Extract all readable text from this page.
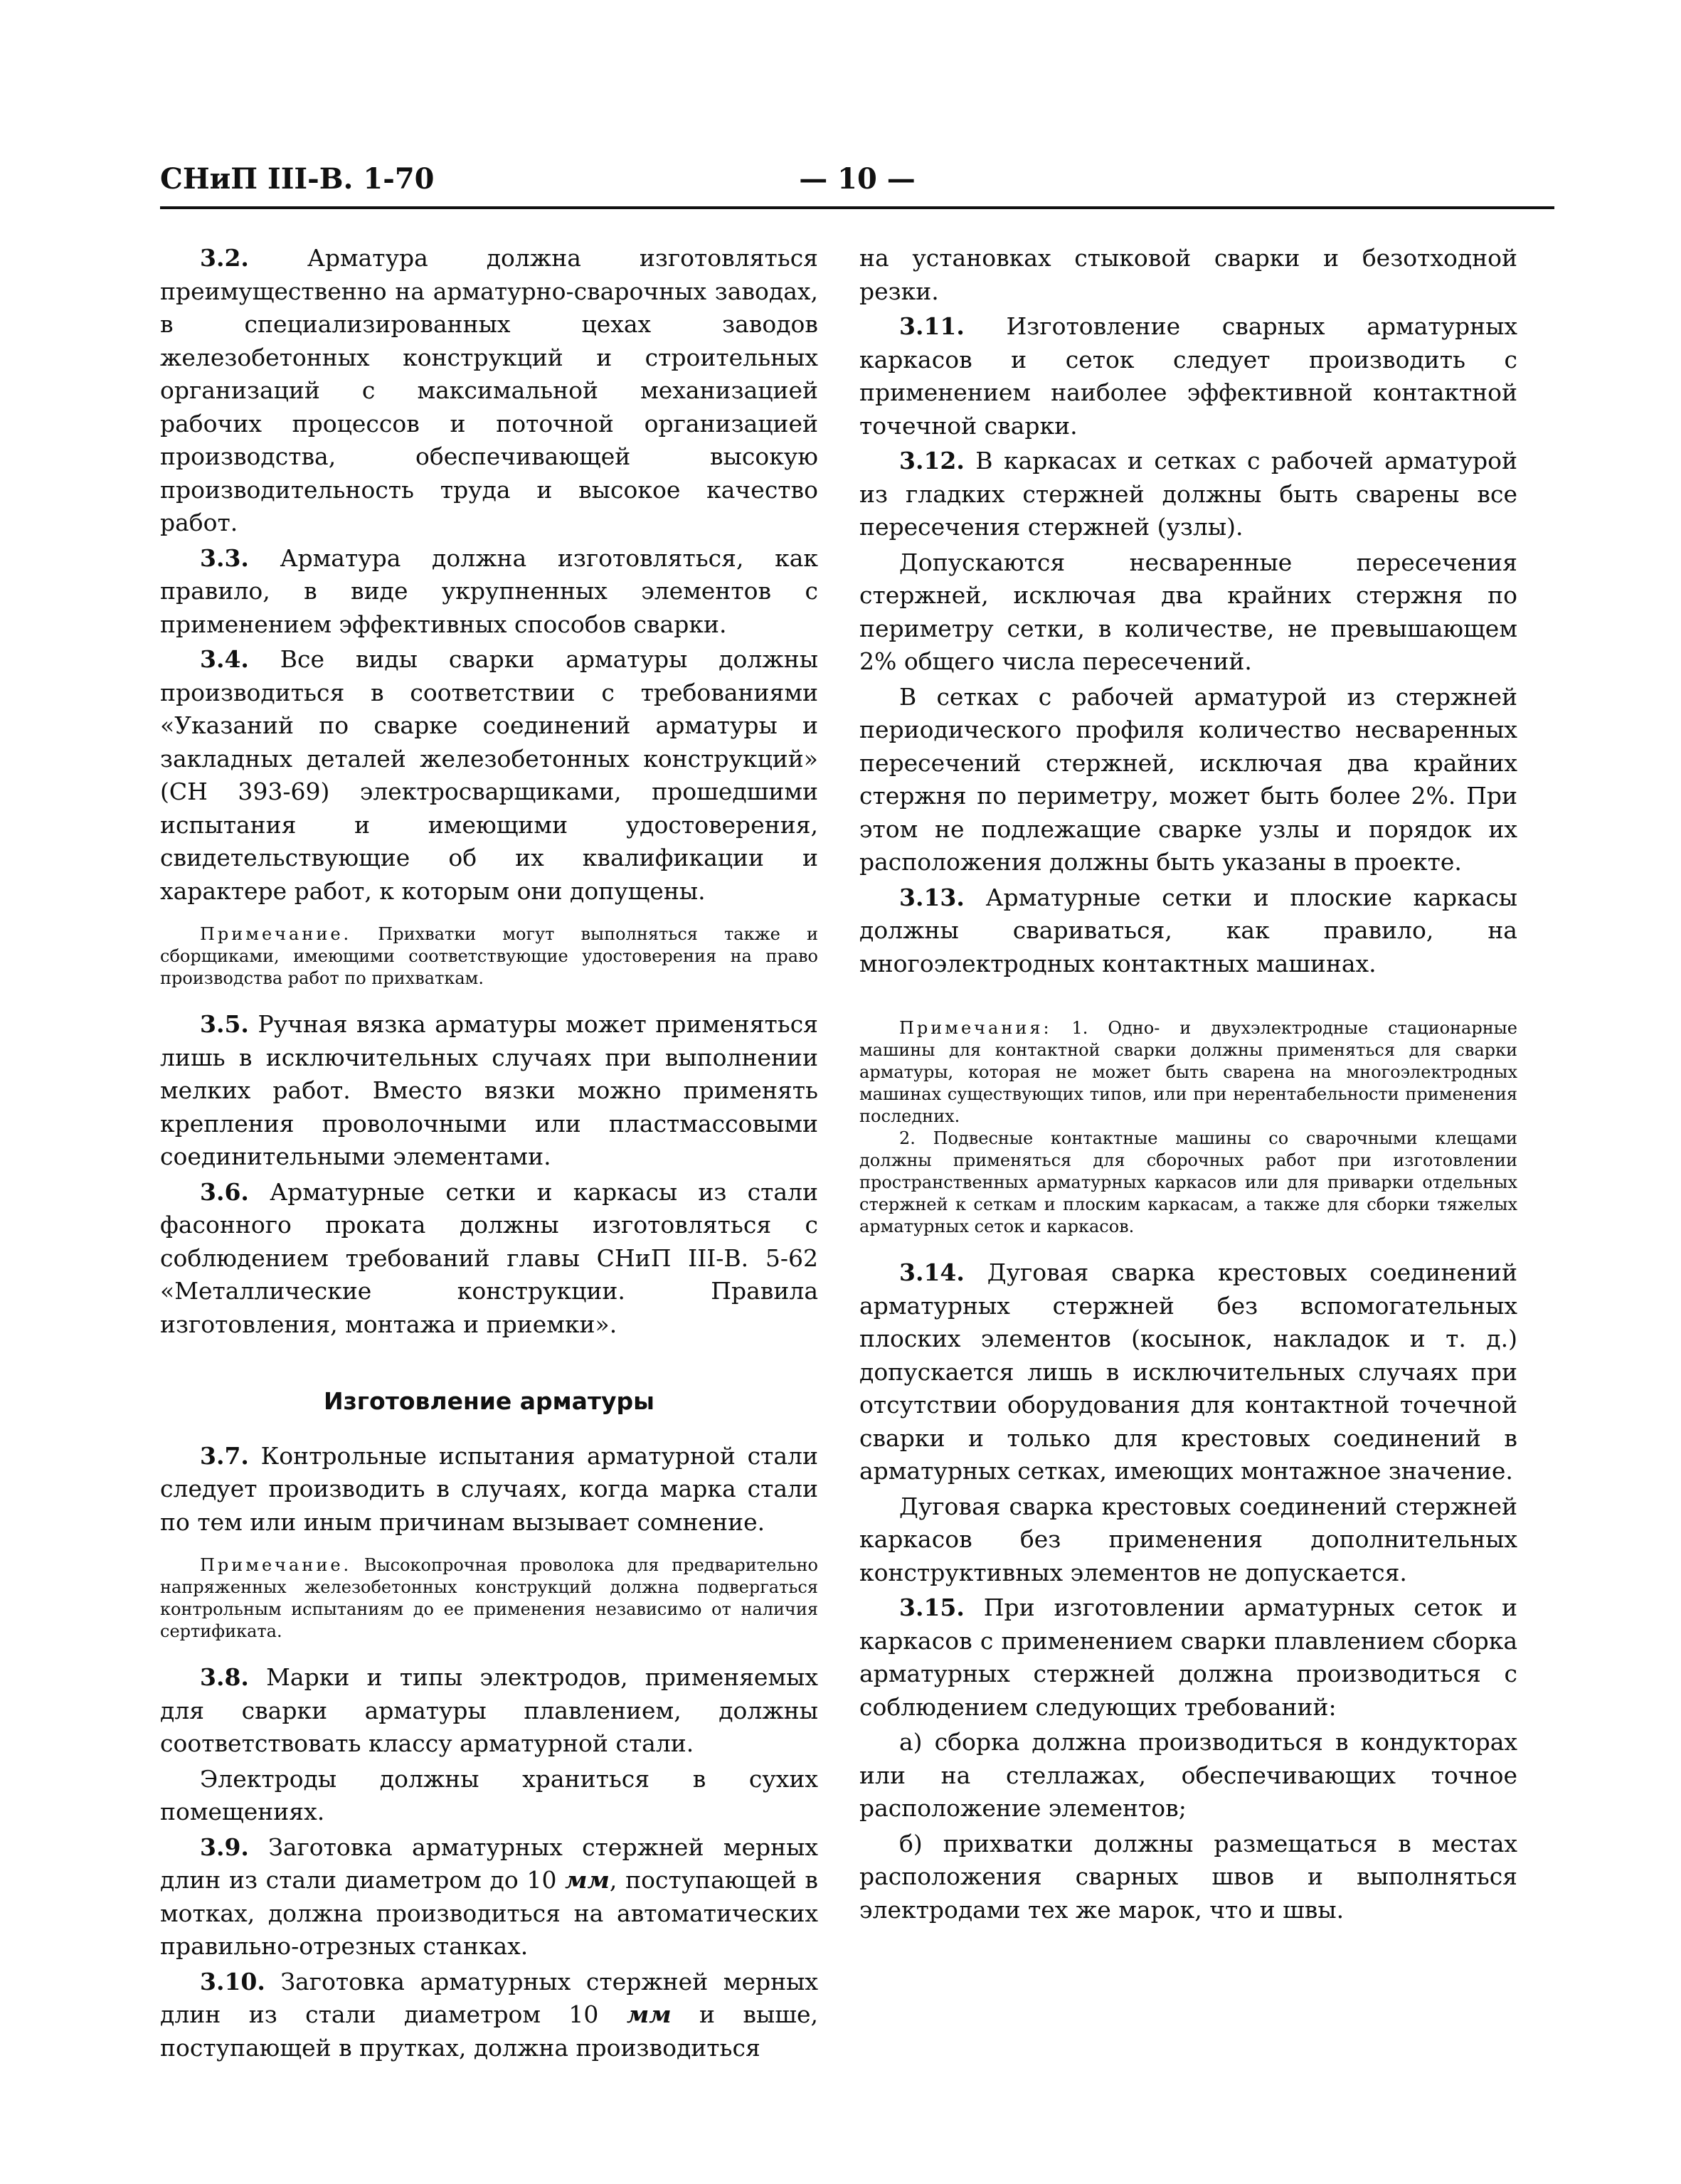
СНиП III-В. 1-70	— 10 —

3.2. Арматура должна изготовляться преимущественно на арматурно-сварочных заводах, в специализированных цехах заводов железобетонных конструкций и строительных организаций с максимальной механизацией рабочих процессов и поточной организацией производства, обеспечивающей высокую производительность труда и высокое качество работ.

3.3. Арматура должна изготовляться, как правило, в виде укрупненных элементов с применением эффективных способов сварки.

3.4. Все виды сварки арматуры должны производиться в соответствии с требованиями «Указаний по сварке соединений арматуры и закладных деталей железобетонных конструкций» (СН 393-69) электросварщиками, прошедшими испытания и имеющими удостоверения, свидетельствующие об их квалификации и характере работ, к которым они допущены.

Примечание. Прихватки могут выполняться также и сборщиками, имеющими соответствующие удостоверения на право производства работ по прихваткам.

3.5. Ручная вязка арматуры может применяться лишь в исключительных случаях при выполнении мелких работ. Вместо вязки можно применять крепления проволочными или пластмассовыми соединительными элементами.

3.6. Арматурные сетки и каркасы из стали фасонного проката должны изготовляться с соблюдением требований главы СНиП III-В. 5-62 «Металлические конструкции. Правила изготовления, монтажа и приемки».

Изготовление арматуры

3.7. Контрольные испытания арматурной стали следует производить в случаях, когда марка стали по тем или иным причинам вызывает сомнение.

Примечание. Высокопрочная проволока для предварительно напряженных железобетонных конструкций должна подвергаться контрольным испытаниям до ее применения независимо от наличия сертификата.

3.8. Марки и типы электродов, применяемых для сварки арматуры плавлением, должны соответствовать классу арматурной стали.

Электроды должны храниться в сухих помещениях.

3.9. Заготовка арматурных стержней мерных длин из стали диаметром до 10 мм, поступающей в мотках, должна производиться на автоматических правильно-отрезных станках.

3.10. Заготовка арматурных стержней мерных длин из стали диаметром 10 мм и выше, поступающей в прутках, должна производиться

на установках стыковой сварки и безотходной резки.

3.11. Изготовление сварных арматурных каркасов и сеток следует производить с применением наиболее эффективной контактной точечной сварки.

3.12. В каркасах и сетках с рабочей арматурой из гладких стержней должны быть сварены все пересечения стержней (узлы).

Допускаются несваренные пересечения стержней, исключая два крайних стержня по периметру сетки, в количестве, не превышающем 2% общего числа пересечений.

В сетках с рабочей арматурой из стержней периодического профиля количество несваренных пересечений стержней, исключая два крайних стержня по периметру, может быть более 2%. При этом не подлежащие сварке узлы и порядок их расположения должны быть указаны в проекте.

3.13. Арматурные сетки и плоские каркасы должны свариваться, как правило, на многоэлектродных контактных машинах.

Примечания: 1. Одно- и двухэлектродные стационарные машины для контактной сварки должны применяться для сварки арматуры, которая не может быть сварена на многоэлектродных машинах существующих типов, или при нерентабельности применения последних.

2. Подвесные контактные машины со сварочными клещами должны применяться для сборочных работ при изготовлении пространственных арматурных каркасов или для приварки отдельных стержней к сеткам и плоским каркасам, а также для сборки тяжелых арматурных сеток и каркасов.

3.14. Дуговая сварка крестовых соединений арматурных стержней без вспомогательных плоских элементов (косынок, накладок и т. д.) допускается лишь в исключительных случаях при отсутствии оборудования для контактной точечной сварки и только для крестовых соединений в арматурных сетках, имеющих монтажное значение.

Дуговая сварка крестовых соединений стержней каркасов без применения дополнительных конструктивных элементов не допускается.

3.15. При изготовлении арматурных сеток и каркасов с применением сварки плавлением сборка арматурных стержней должна производиться с соблюдением следующих требований:

а) сборка должна производиться в кондукторах или на стеллажах, обеспечивающих точное расположение элементов;

б) прихватки должны размещаться в местах расположения сварных швов и выполняться электродами тех же марок, что и швы.
